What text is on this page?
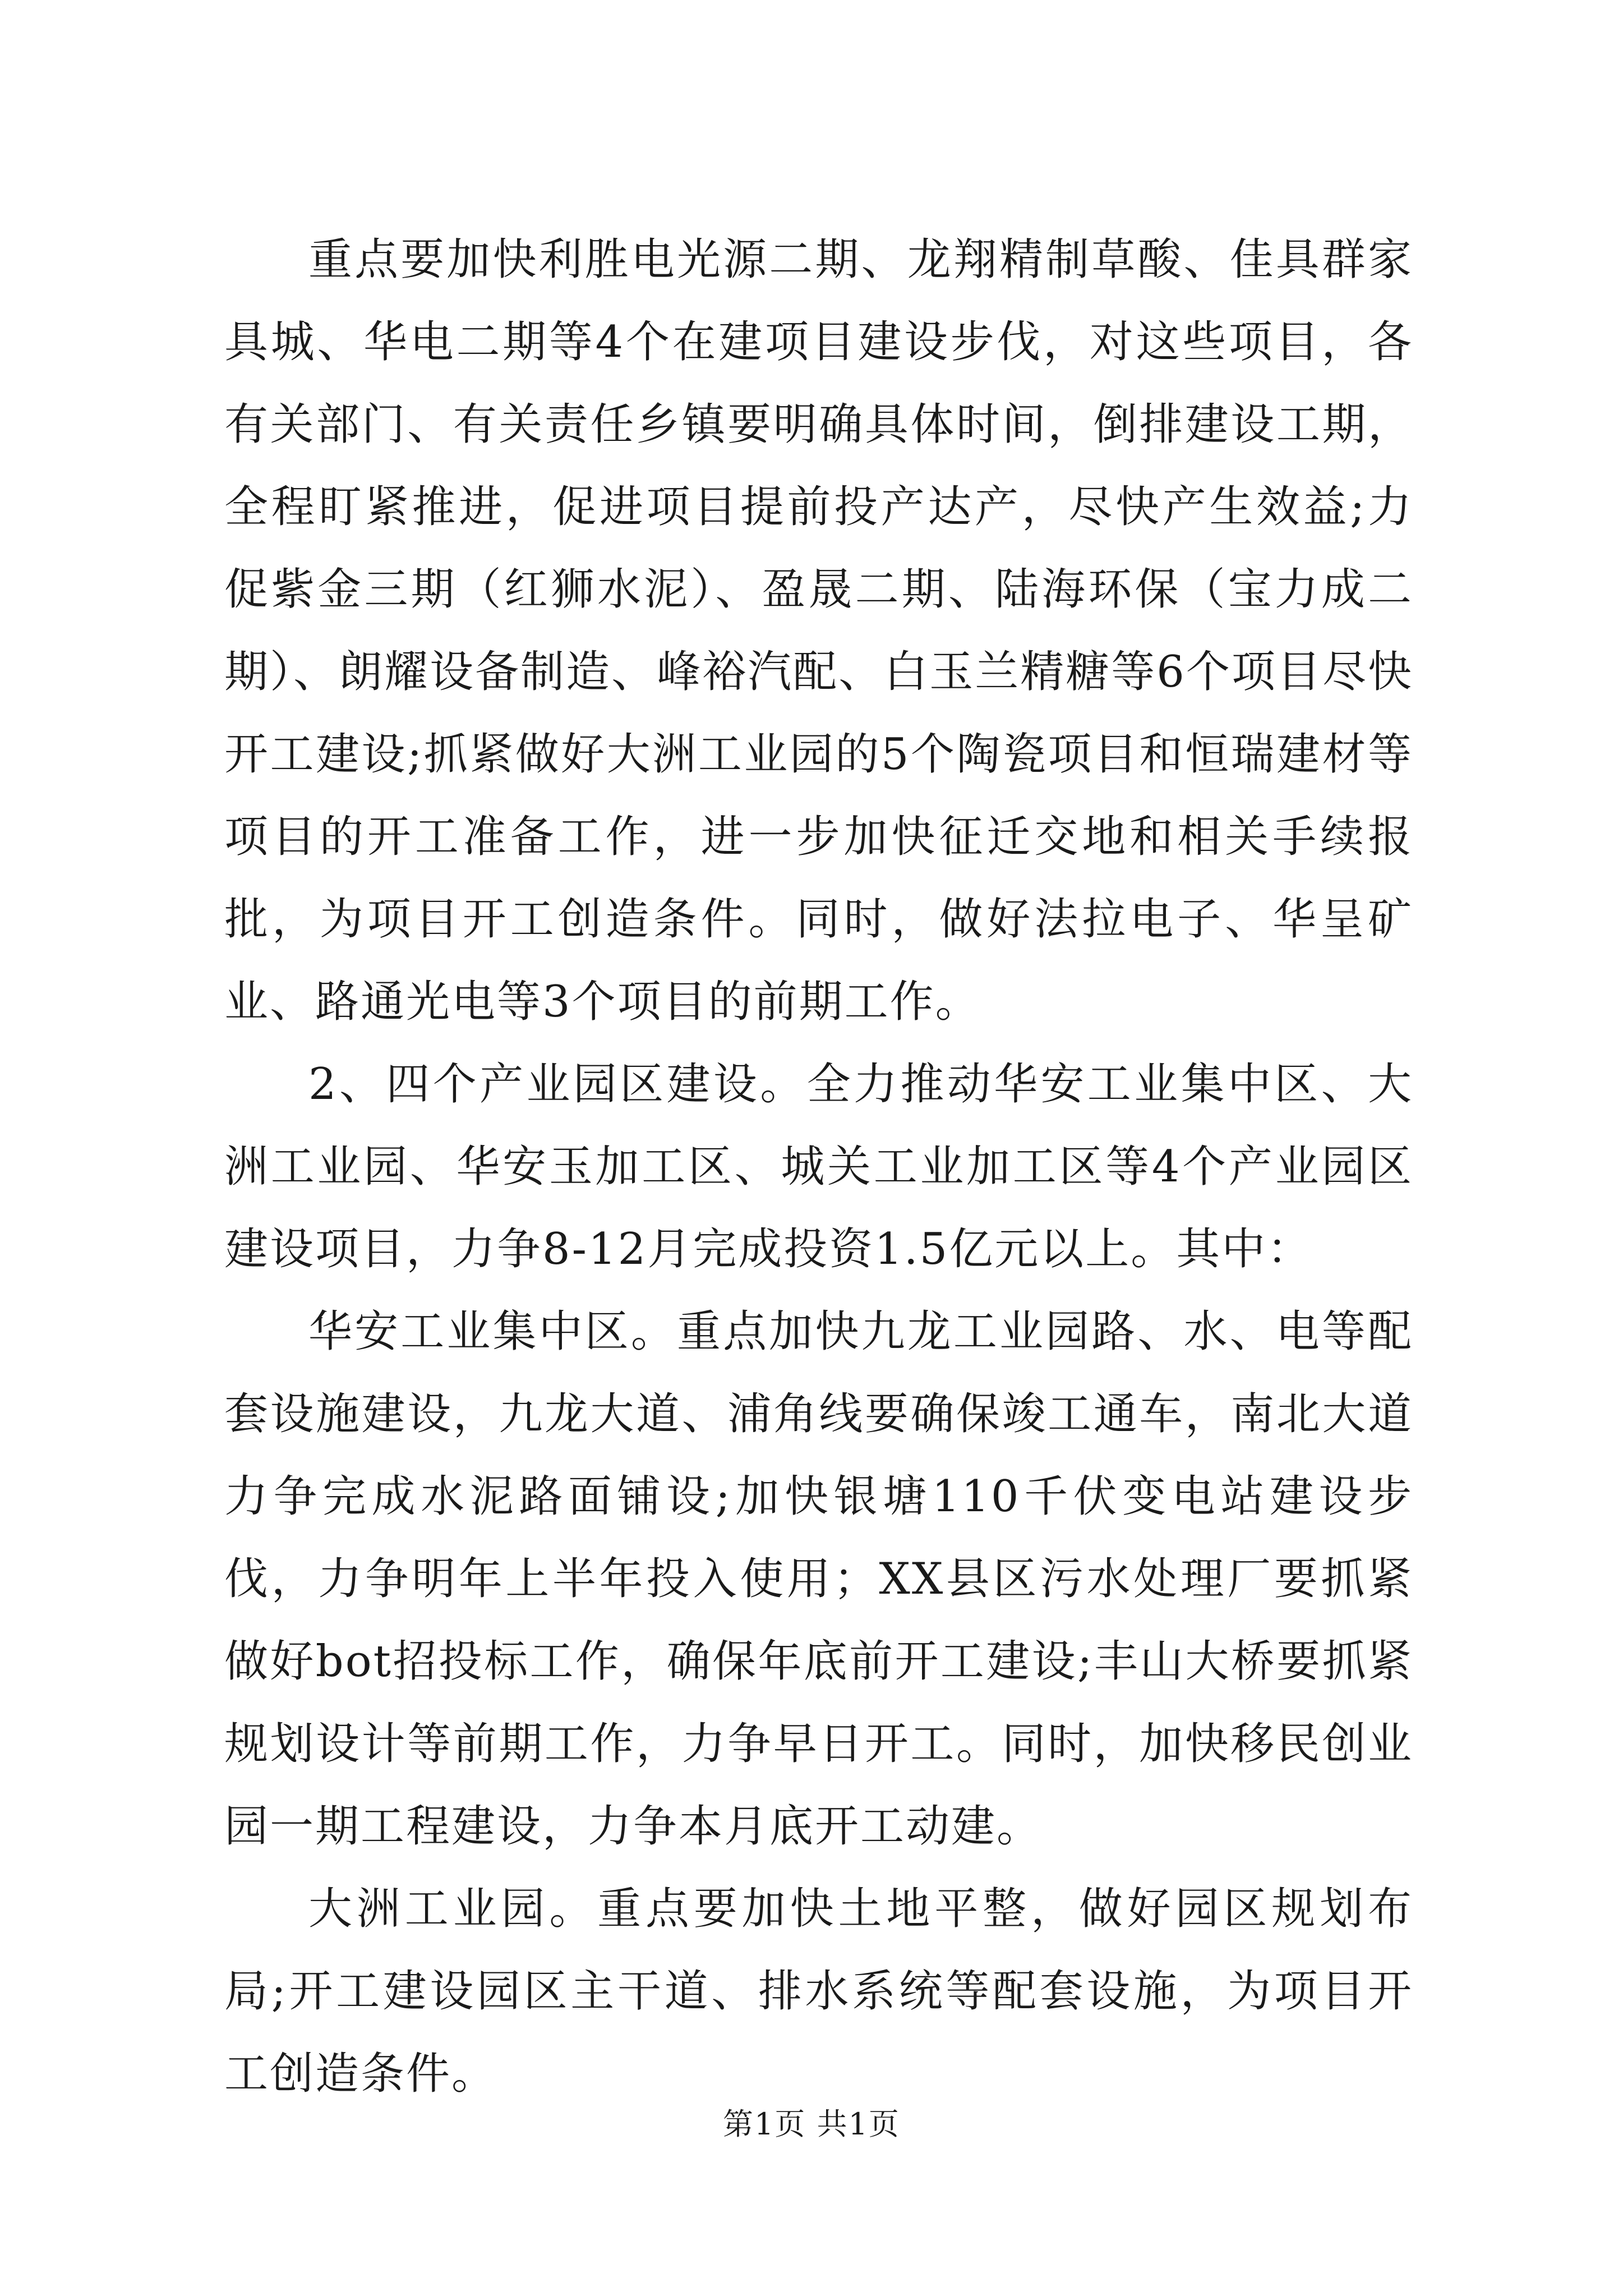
重点要加快利胜电光源二期、龙翔精制草酸、佳具群家具城、华电二期等4个在建项目建设步伐，对这些项目，各有关部门、有关责任乡镇要明确具体时间，倒排建设工期，全程盯紧推进，促进项目提前投产达产，尽快产生效益;力促紫金三期（红狮水泥）、盈晟二期、陆海环保（宝力成二期）、朗耀设备制造、峰裕汽配、白玉兰精糖等6个项目尽快开工建设;抓紧做好大洲工业园的5个陶瓷项目和恒瑞建材等项目的开工准备工作，进一步加快征迁交地和相关手续报批，为项目开工创造条件。同时，做好法拉电子、华呈矿业、路通光电等3个项目的前期工作。

2、四个产业园区建设。全力推动华安工业集中区、大洲工业园、华安玉加工区、城关工业加工区等4个产业园区建设项目，力争8-12月完成投资1.5亿元以上。其中：

华安工业集中区。重点加快九龙工业园路、水、电等配套设施建设，九龙大道、浦角线要确保竣工通车，南北大道力争完成水泥路面铺设;加快银塘110千伏变电站建设步伐，力争明年上半年投入使用；XX县区污水处理厂要抓紧做好bot招投标工作，确保年底前开工建设;丰山大桥要抓紧规划设计等前期工作，力争早日开工。同时，加快移民创业园一期工程建设，力争本月底开工动建。

大洲工业园。重点要加快土地平整，做好园区规划布局;开工建设园区主干道、排水系统等配套设施，为项目开工创造条件。

第1页 共1页
